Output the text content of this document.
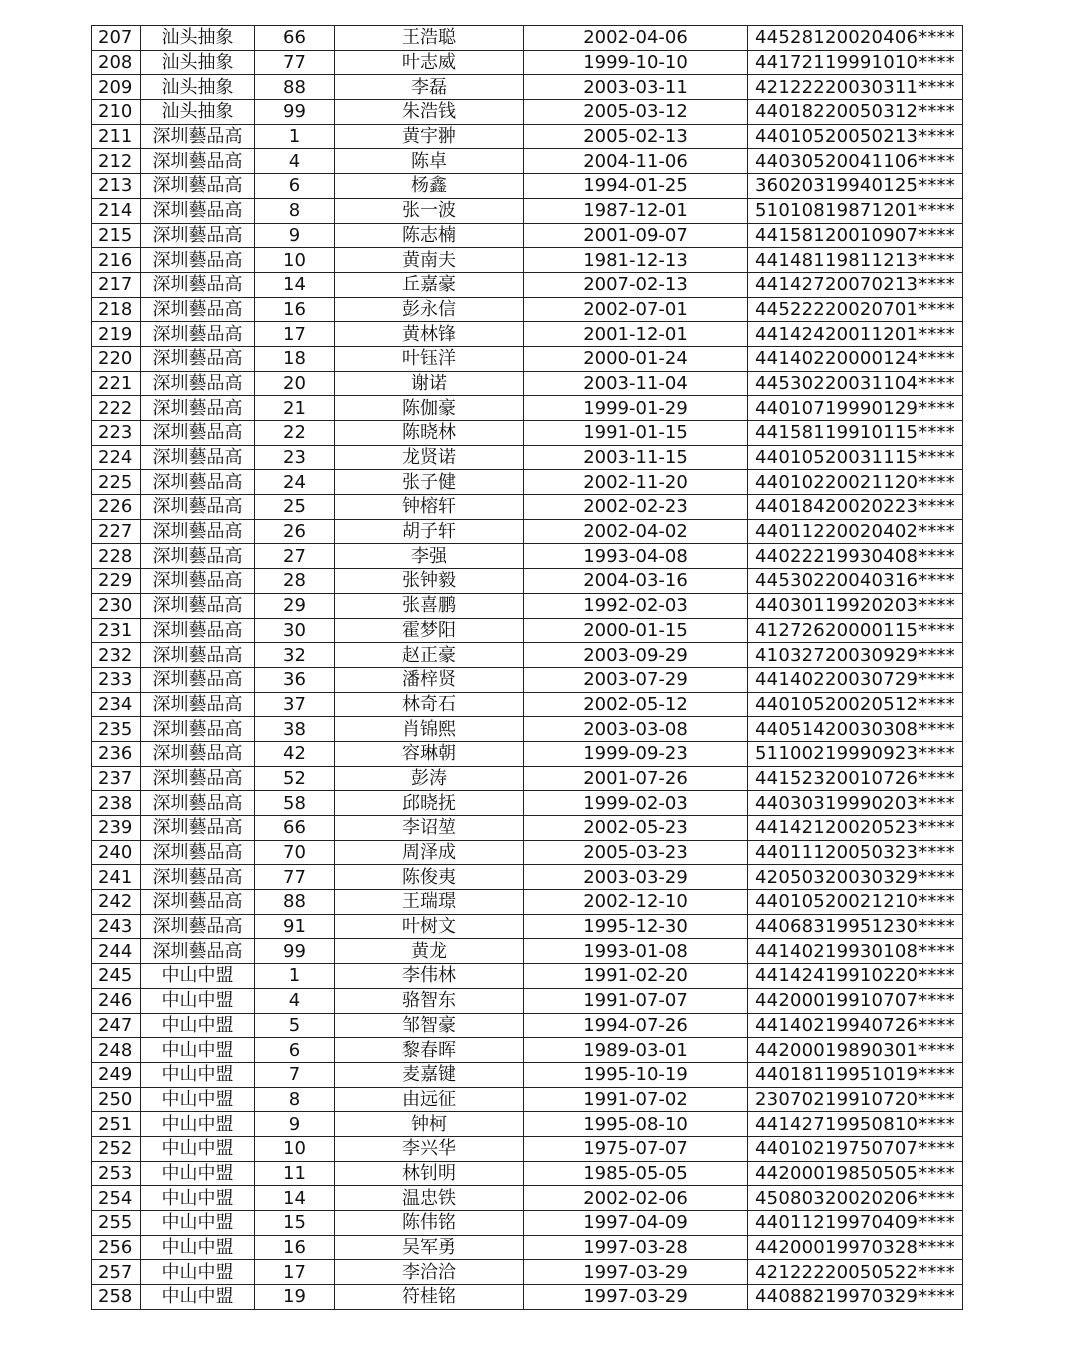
207	汕头抽象	66	王浩聪	2002-04-06	44528120020406****
208	汕头抽象	77	叶志威	1999-10-10	44172119991010****
209	汕头抽象	88	李磊	2003-03-11	42122220030311****
210	汕头抽象	99	朱浩钱	2005-03-12	44018220050312****
211	深圳藝品高	1	黄宇翀	2005-02-13	44010520050213****
212	深圳藝品高	4	陈卓	2004-11-06	44030520041106****
213	深圳藝品高	6	杨鑫	1994-01-25	36020319940125****
214	深圳藝品高	8	张一波	1987-12-01	51010819871201****
215	深圳藝品高	9	陈志楠	2001-09-07	44158120010907****
216	深圳藝品高	10	黄南夫	1981-12-13	44148119811213****
217	深圳藝品高	14	丘嘉豪	2007-02-13	44142720070213****
218	深圳藝品高	16	彭永信	2002-07-01	44522220020701****
219	深圳藝品高	17	黄林锋	2001-12-01	44142420011201****
220	深圳藝品高	18	叶钰洋	2000-01-24	44140220000124****
221	深圳藝品高	20	谢诺	2003-11-04	44530220031104****
222	深圳藝品高	21	陈伽豪	1999-01-29	44010719990129****
223	深圳藝品高	22	陈晓林	1991-01-15	44158119910115****
224	深圳藝品高	23	龙贤诺	2003-11-15	44010520031115****
225	深圳藝品高	24	张子健	2002-11-20	44010220021120****
226	深圳藝品高	25	钟榕轩	2002-02-23	44018420020223****
227	深圳藝品高	26	胡子轩	2002-04-02	44011220020402****
228	深圳藝品高	27	李强	1993-04-08	44022219930408****
229	深圳藝品高	28	张钟毅	2004-03-16	44530220040316****
230	深圳藝品高	29	张喜鹏	1992-02-03	44030119920203****
231	深圳藝品高	30	霍梦阳	2000-01-15	41272620000115****
232	深圳藝品高	32	赵正豪	2003-09-29	41032720030929****
233	深圳藝品高	36	潘梓贤	2003-07-29	44140220030729****
234	深圳藝品高	37	林奇石	2002-05-12	44010520020512****
235	深圳藝品高	38	肖锦熙	2003-03-08	44051420030308****
236	深圳藝品高	42	容琳朝	1999-09-23	51100219990923****
237	深圳藝品高	52	彭涛	2001-07-26	44152320010726****
238	深圳藝品高	58	邱晓抚	1999-02-03	44030319990203****
239	深圳藝品高	66	李诏堃	2002-05-23	44142120020523****
240	深圳藝品高	70	周泽成	2005-03-23	44011120050323****
241	深圳藝品高	77	陈俊夷	2003-03-29	42050320030329****
242	深圳藝品高	88	王瑞璟	2002-12-10	44010520021210****
243	深圳藝品高	91	叶树文	1995-12-30	44068319951230****
244	深圳藝品高	99	黄龙	1993-01-08	44140219930108****
245	中山中盟	1	李伟林	1991-02-20	44142419910220****
246	中山中盟	4	骆智东	1991-07-07	44200019910707****
247	中山中盟	5	邹智豪	1994-07-26	44140219940726****
248	中山中盟	6	黎春晖	1989-03-01	44200019890301****
249	中山中盟	7	麦嘉键	1995-10-19	44018119951019****
250	中山中盟	8	由远征	1991-07-02	23070219910720****
251	中山中盟	9	钟柯	1995-08-10	44142719950810****
252	中山中盟	10	李兴华	1975-07-07	44010219750707****
253	中山中盟	11	林钊明	1985-05-05	44200019850505****
254	中山中盟	14	温忠铁	2002-02-06	45080320020206****
255	中山中盟	15	陈伟铭	1997-04-09	44011219970409****
256	中山中盟	16	吴军勇	1997-03-28	44200019970328****
257	中山中盟	17	李洽洽	1997-03-29	42122220050522****
258	中山中盟	19	符桂铭	1997-03-29	44088219970329****
